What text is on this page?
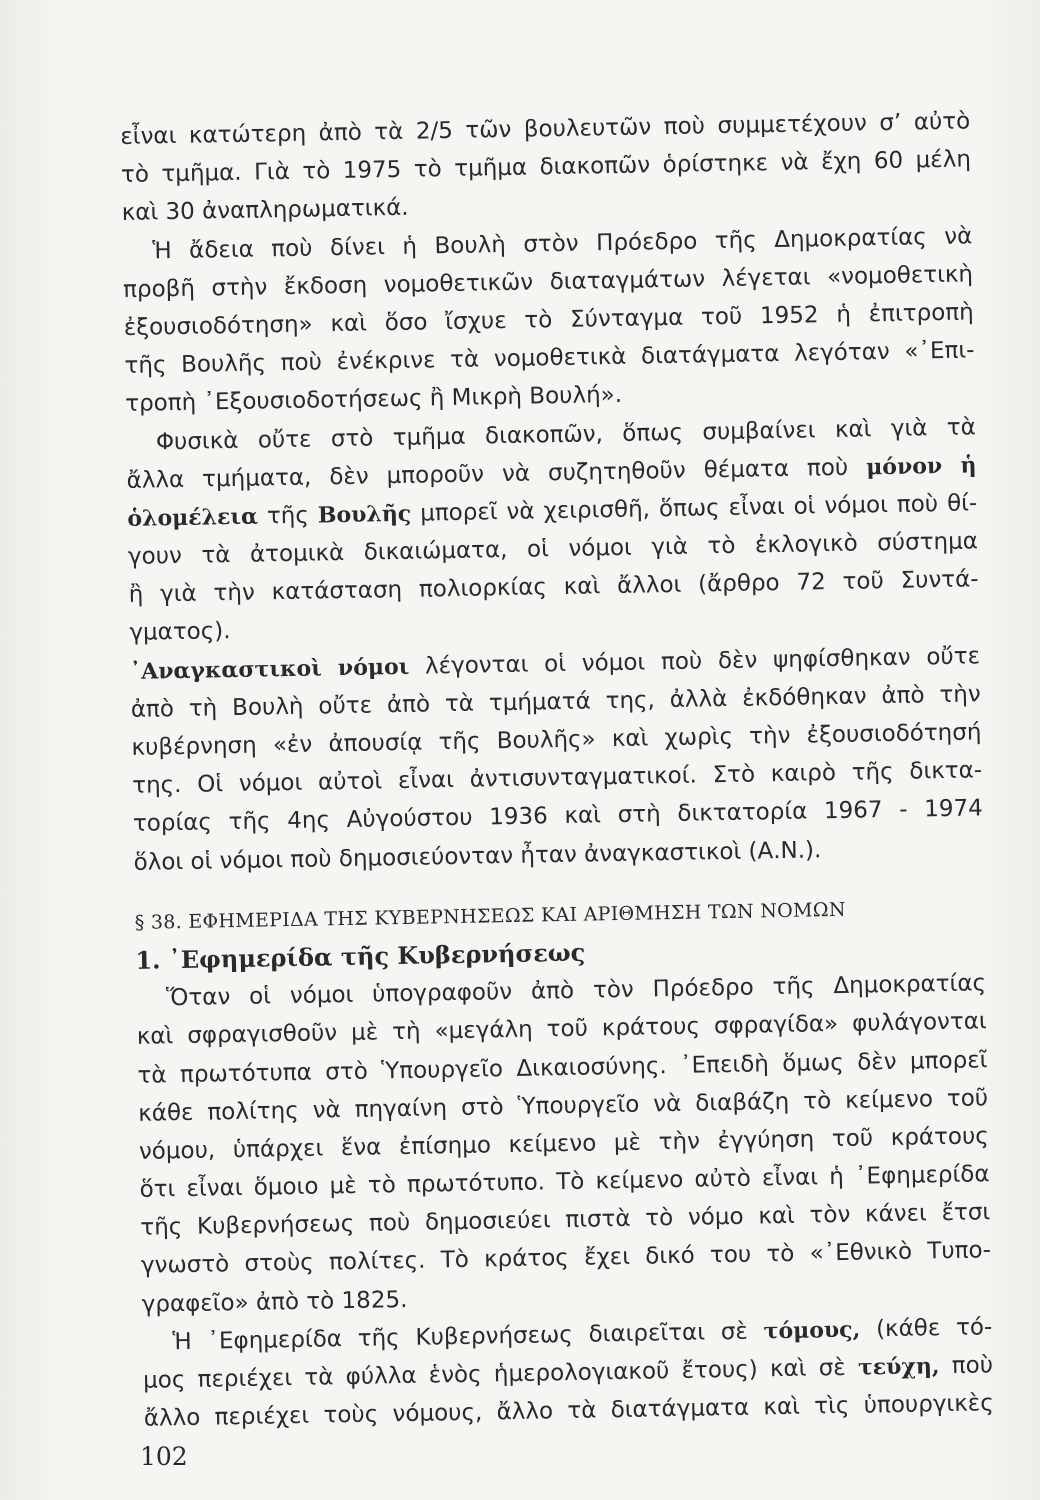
εἶναι κατώτερη ἀπὸ τὰ 2/5 τῶν βουλευτῶν ποὺ συμμετέχουν σ’ αὐτὸ
τὸ τμῆμα. Γιὰ τὸ 1975 τὸ τμῆμα διακοπῶν ὁρίστηκε νὰ ἔχη 60 μέλη
καὶ 30 ἀναπληρωματικά.
Ἡ ἄδεια ποὺ δίνει ἡ Βουλὴ στὸν Πρόεδρο τῆς Δημοκρατίας νὰ
προβῆ στὴν ἔκδοση νομοθετικῶν διαταγμάτων λέγεται «νομοθετικὴ
ἐξουσιοδότηση» καὶ ὅσο ἴσχυε τὸ Σύνταγμα τοῦ 1952 ἡ ἐπιτροπὴ
τῆς Βουλῆς ποὺ ἐνέκρινε τὰ νομοθετικὰ διατάγματα λεγόταν «᾿Επι-
τροπὴ ᾿Εξουσιοδοτήσεως ἢ Μικρὴ Βουλή».
Φυσικὰ οὔτε στὸ τμῆμα διακοπῶν, ὅπως συμβαίνει καὶ γιὰ τὰ
ἄλλα τμήματα, δὲν μποροῦν νὰ συζητηθοῦν θέματα ποὺ μόνον ἡ
ὁλομέλεια τῆς Βουλῆς μπορεῖ νὰ χειρισθῆ, ὅπως εἶναι οἱ νόμοι ποὺ θί-
γουν τὰ ἀτομικὰ δικαιώματα, οἱ νόμοι γιὰ τὸ ἐκλογικὸ σύστημα
ἢ γιὰ τὴν κατάσταση πολιορκίας καὶ ἄλλοι (ἄρθρο 72 τοῦ Συντά-
γματος).
᾿Αναγκαστικοὶ νόμοι λέγονται οἱ νόμοι ποὺ δὲν ψηφίσθηκαν οὔτε
ἀπὸ τὴ Βουλὴ οὔτε ἀπὸ τὰ τμήματά της, ἀλλὰ ἐκδόθηκαν ἀπὸ τὴν
κυβέρνηση «ἐν ἀπουσίᾳ τῆς Βουλῆς» καὶ χωρὶς τὴν ἐξουσιοδότησή
της. Οἱ νόμοι αὐτοὶ εἶναι ἀντισυνταγματικοί. Στὸ καιρὸ τῆς δικτα-
τορίας τῆς 4ης Αὐγούστου 1936 καὶ στὴ δικτατορία 1967 - 1974
ὅλοι οἱ νόμοι ποὺ δημοσιεύονταν ἦταν ἀναγκαστικοὶ (Α.Ν.).
§ 38. ΕΦΗΜΕΡΙΔΑ ΤΗΣ ΚΥΒΕΡΝΗΣΕΩΣ ΚΑΙ ΑΡΙΘΜΗΣΗ ΤΩΝ ΝΟΜΩΝ
1. ᾿Εφημερίδα τῆς Κυβερνήσεως
Ὅταν οἱ νόμοι ὑπογραφοῦν ἀπὸ τὸν Πρόεδρο τῆς Δημοκρατίας
καὶ σφραγισθοῦν μὲ τὴ «μεγάλη τοῦ κράτους σφραγίδα» φυλάγονται
τὰ πρωτότυπα στὸ Ὑπουργεῖο Δικαιοσύνης. ᾿Επειδὴ ὅμως δὲν μπορεῖ
κάθε πολίτης νὰ πηγαίνη στὸ Ὑπουργεῖο νὰ διαβάζη τὸ κείμενο τοῦ
νόμου, ὑπάρχει ἕνα ἐπίσημο κείμενο μὲ τὴν ἐγγύηση τοῦ κράτους
ὅτι εἶναι ὅμοιο μὲ τὸ πρωτότυπο. Τὸ κείμενο αὐτὸ εἶναι ἡ ᾿Εφημερίδα
τῆς Κυβερνήσεως ποὺ δημοσιεύει πιστὰ τὸ νόμο καὶ τὸν κάνει ἔτσι
γνωστὸ στοὺς πολίτες. Τὸ κράτος ἔχει δικό του τὸ «᾿Εθνικὸ Τυπο-
γραφεῖο» ἀπὸ τὸ 1825.
Ἡ ᾿Εφημερίδα τῆς Κυβερνήσεως διαιρεῖται σὲ τόμους, (κάθε τό-
μος περιέχει τὰ φύλλα ἑνὸς ἡμερολογιακοῦ ἔτους) καὶ σὲ τεύχη, ποὺ
ἄλλο περιέχει τοὺς νόμους, ἄλλο τὰ διατάγματα καὶ τὶς ὑπουργικὲς
102
